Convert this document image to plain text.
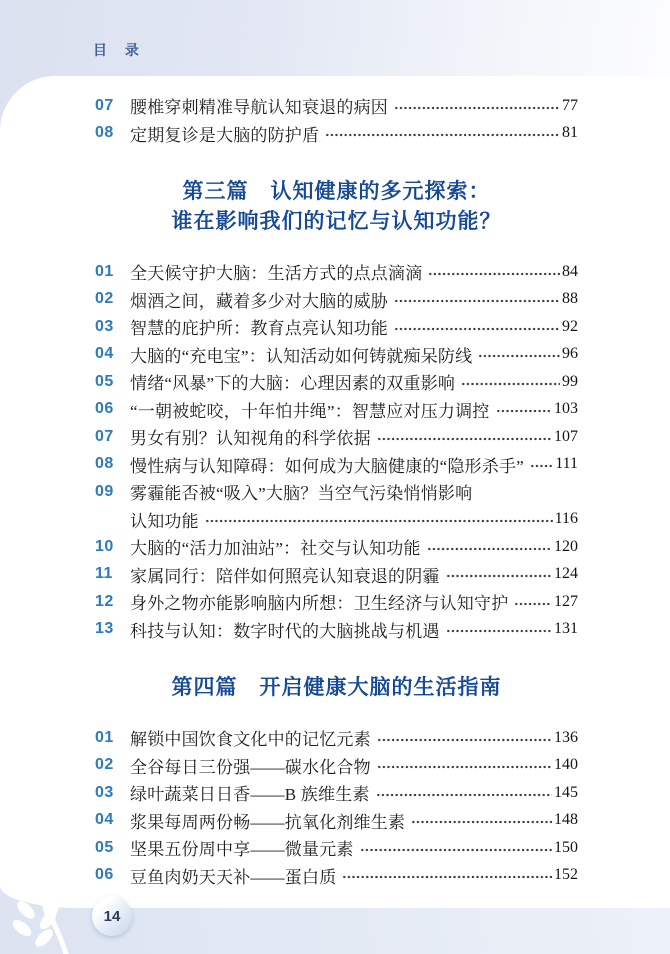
目 录
07 腰椎穿刺精准导航认知衰退的病因	77
08 定期复诊是大脑的防护盾	81
第三篇　认知健康的多元探索：
谁在影响我们的记忆与认知功能？
01 全天候守护大脑：生活方式的点点滴滴	84
02 烟酒之间，藏着多少对大脑的威胁	88
03 智慧的庇护所：教育点亮认知功能	92
04 大脑的“充电宝”：认知活动如何铸就痴呆防线	96
05 情绪“风暴”下的大脑：心理因素的双重影响	99
06 “一朝被蛇咬，十年怕井绳”：智慧应对压力调控	103
07 男女有别？认知视角的科学依据	107
08 慢性病与认知障碍：如何成为大脑健康的“隐形杀手” 111
09 雾霾能否被“吸入”大脑？当空气污染悄悄影响
认知功能	116
10 大脑的“活力加油站”：社交与认知功能	120
11	家属同行：陪伴如何照亮认知衰退的阴霾	124
12 身外之物亦能影响脑内所想：卫生经济与认知守护	127
13 科技与认知：数字时代的大脑挑战与机遇	131
第四篇　开启健康大脑的生活指南
01 解锁中国饮食文化中的记忆元素	136
02 全谷每日三份强——碳水化合物	140
03 绿叶蔬菜日日香——B 族维生素	145
04 浆果每周两份畅——抗氧化剂维生素	148
05 坚果五份周中享——微量元素	150
06 豆鱼肉奶天天补——蛋白质	152
14
